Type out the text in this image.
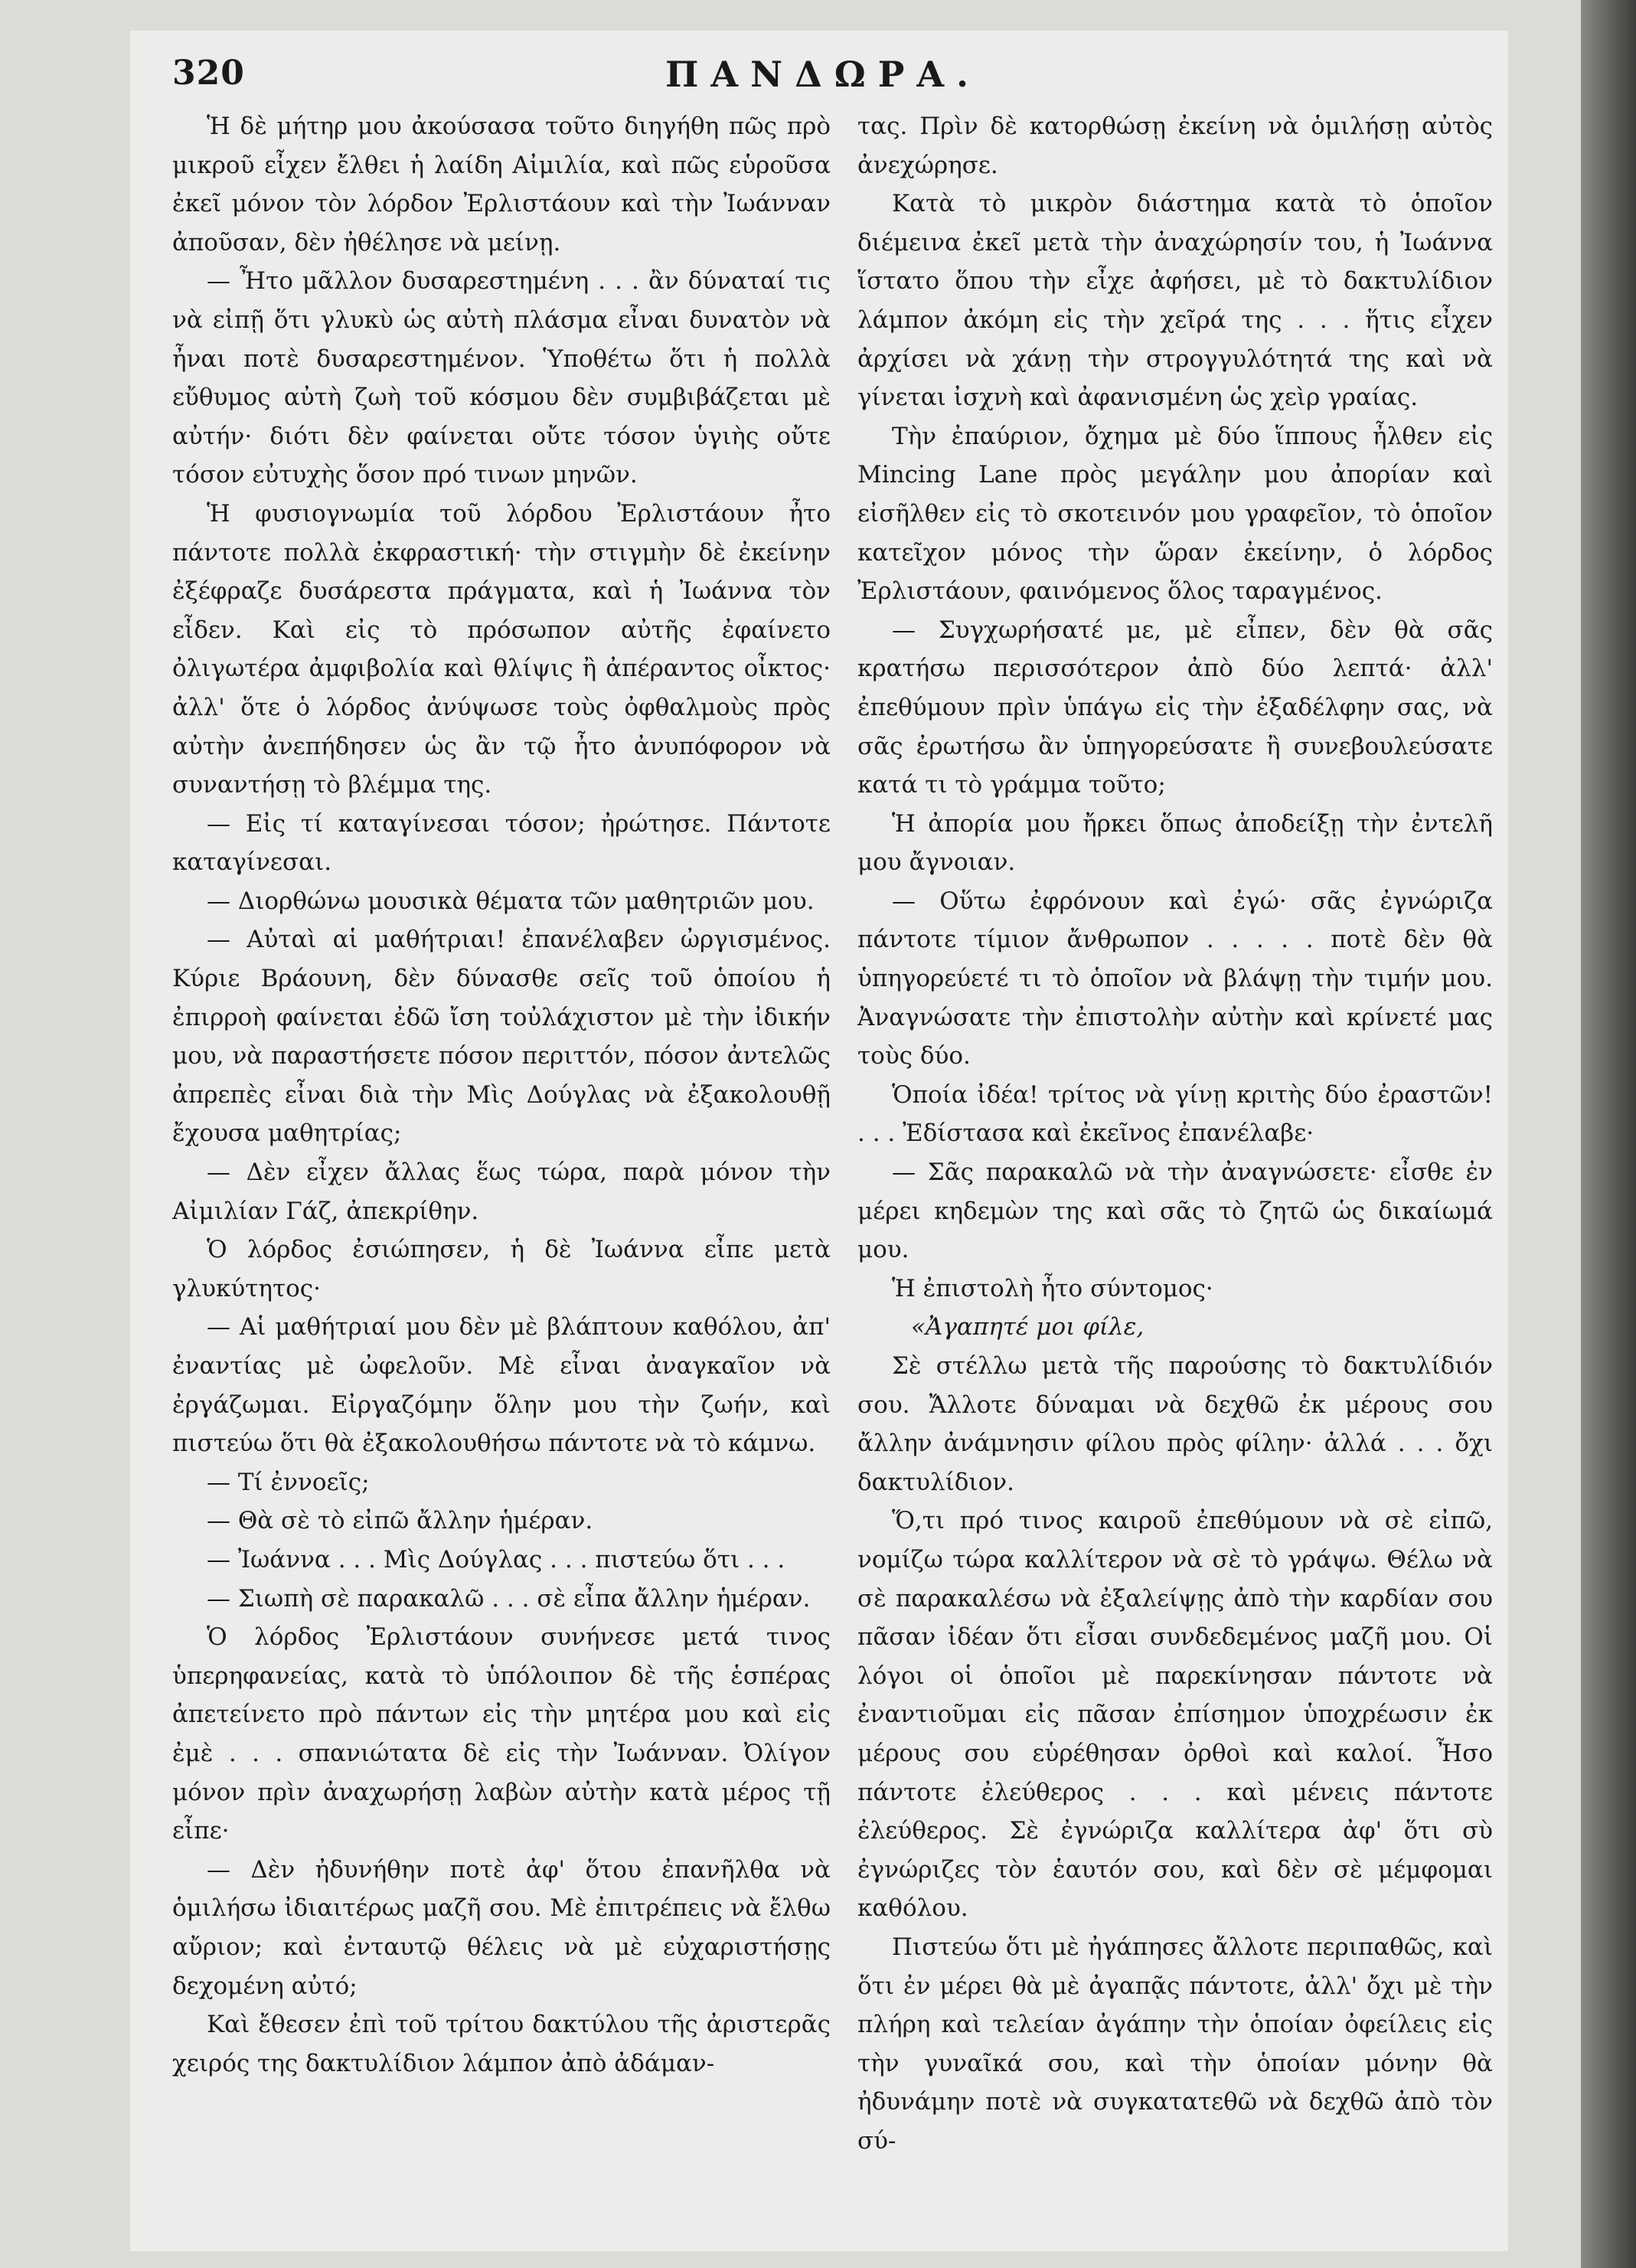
320	ΠΑΝΔΩΡΑ.

Ἡ δὲ μήτηρ μου ἀκούσασα τοῦτο διηγήθη πῶς πρὸ μικροῦ εἶχεν ἔλθει ἡ λαίδη Αἰμιλία, καὶ πῶς εὑροῦσα ἐκεῖ μόνον τὸν λόρδον Ἐρλιστάουν καὶ τὴν Ἰωάνναν ἀποῦσαν, δὲν ἠθέλησε νὰ μείνῃ.

— Ἦτο μᾶλλον δυσαρεστημένη . . . ἂν δύναταί τις νὰ εἰπῇ ὅτι γλυκὺ ὡς αὐτὴ πλάσμα εἶναι δυνατὸν νὰ ἦναι ποτὲ δυσαρεστημένον. Ὑποθέτω ὅτι ἡ πολλὰ εὔθυμος αὐτὴ ζωὴ τοῦ κόσμου δὲν συμβιβάζεται μὲ αὐτήν· διότι δὲν φαίνεται οὔτε τόσον ὑγιὴς οὔτε τόσον εὐτυχὴς ὅσον πρό τινων μηνῶν.

Ἡ φυσιογνωμία τοῦ λόρδου Ἐρλιστάουν ἦτο πάντοτε πολλὰ ἐκφραστική· τὴν στιγμὴν δὲ ἐκείνην ἐξέφραζε δυσάρεστα πράγματα, καὶ ἡ Ἰωάννα τὸν εἶδεν. Καὶ εἰς τὸ πρόσωπον αὐτῆς ἐφαίνετο ὀλιγωτέρα ἀμφιβολία καὶ θλίψις ἢ ἀπέραντος οἶκτος· ἀλλ' ὅτε ὁ λόρδος ἀνύψωσε τοὺς ὀφθαλμοὺς πρὸς αὐτὴν ἀνεπήδησεν ὡς ἂν τῷ ἦτο ἀνυπόφορον νὰ συναντήσῃ τὸ βλέμμα της.

— Εἰς τί καταγίνεσαι τόσον; ἠρώτησε. Πάντοτε καταγίνεσαι.

— Διορθώνω μουσικὰ θέματα τῶν μαθητριῶν μου.

— Αὐταὶ αἱ μαθήτριαι! ἐπανέλαβεν ὠργισμένος. Κύριε Βράουνη, δὲν δύνασθε σεῖς τοῦ ὁποίου ἡ ἐπιρροὴ φαίνεται ἐδῶ ἴση τοὐλάχιστον μὲ τὴν ἰδικήν μου, νὰ παραστήσετε πόσον περιττόν, πόσον ἀντελῶς ἀπρεπὲς εἶναι διὰ τὴν Μὶς Δούγλας νὰ ἐξακολουθῇ ἔχουσα μαθητρίας;

— Δὲν εἶχεν ἄλλας ἕως τώρα, παρὰ μόνον τὴν Αἰμιλίαν Γάζ, ἀπεκρίθην.

Ὁ λόρδος ἐσιώπησεν, ἡ δὲ Ἰωάννα εἶπε μετὰ γλυκύτητος·

— Αἱ μαθήτριαί μου δὲν μὲ βλάπτουν καθόλου, ἀπ' ἐναντίας μὲ ὠφελοῦν. Μὲ εἶναι ἀναγκαῖον νὰ ἐργάζωμαι. Εἰργαζόμην ὅλην μου τὴν ζωήν, καὶ πιστεύω ὅτι θὰ ἐξακολουθήσω πάντοτε νὰ τὸ κάμνω.

— Τί ἐννοεῖς;

— Θὰ σὲ τὸ εἰπῶ ἄλλην ἡμέραν.

— Ἰωάννα . . . Μὶς Δούγλας . . . πιστεύω ὅτι . . .

— Σιωπὴ σὲ παρακαλῶ . . . σὲ εἶπα ἄλλην ἡμέραν.

Ὁ λόρδος Ἐρλιστάουν συνήνεσε μετά τινος ὑπερηφανείας, κατὰ τὸ ὑπόλοιπον δὲ τῆς ἑσπέρας ἀπετείνετο πρὸ πάντων εἰς τὴν μητέρα μου καὶ εἰς ἐμὲ . . . σπανιώτατα δὲ εἰς τὴν Ἰωάνναν. Ὀλίγον μόνον πρὶν ἀναχωρήσῃ λαβὼν αὐτὴν κατὰ μέρος τῇ εἶπε·

— Δὲν ἠδυνήθην ποτὲ ἀφ' ὅτου ἐπανῆλθα νὰ ὁμιλήσω ἰδιαιτέρως μαζῆ σου. Μὲ ἐπιτρέπεις νὰ ἔλθω αὔριον; καὶ ἐνταυτῷ θέλεις νὰ μὲ εὐχαριστήσῃς δεχομένη αὐτό;

Καὶ ἔθεσεν ἐπὶ τοῦ τρίτου δακτύλου τῆς ἀριστερᾶς χειρός της δακτυλίδιον λάμπον ἀπὸ ἀδάμαν-

τας. Πρὶν δὲ κατορθώσῃ ἐκείνη νὰ ὁμιλήσῃ αὐτὸς ἀνεχώρησε.

Κατὰ τὸ μικρὸν διάστημα κατὰ τὸ ὁποῖον διέμεινα ἐκεῖ μετὰ τὴν ἀναχώρησίν του, ἡ Ἰωάννα ἵστατο ὅπου τὴν εἶχε ἀφήσει, μὲ τὸ δακτυλίδιον λάμπον ἀκόμη εἰς τὴν χεῖρά της . . . ἥτις εἶχεν ἀρχίσει νὰ χάνῃ τὴν στρογγυλότητά της καὶ νὰ γίνεται ἰσχνὴ καὶ ἀφανισμένη ὡς χεὶρ γραίας.

Τὴν ἐπαύριον, ὄχημα μὲ δύο ἵππους ἦλθεν εἰς Mincing Lane πρὸς μεγάλην μου ἀπορίαν καὶ εἰσῆλθεν εἰς τὸ σκοτεινόν μου γραφεῖον, τὸ ὁποῖον κατεῖχον μόνος τὴν ὥραν ἐκείνην, ὁ λόρδος Ἐρλιστάουν, φαινόμενος ὅλος ταραγμένος.

— Συγχωρήσατέ με, μὲ εἶπεν, δὲν θὰ σᾶς κρατήσω περισσότερον ἀπὸ δύο λεπτά· ἀλλ' ἐπεθύμουν πρὶν ὑπάγω εἰς τὴν ἐξαδέλφην σας, νὰ σᾶς ἐρωτήσω ἂν ὑπηγορεύσατε ἢ συνεβουλεύσατε κατά τι τὸ γράμμα τοῦτο;

Ἡ ἀπορία μου ἤρκει ὅπως ἀποδείξῃ τὴν ἐντελῆ μου ἄγνοιαν.

— Οὕτω ἐφρόνουν καὶ ἐγώ· σᾶς ἐγνώριζα πάντοτε τίμιον ἄνθρωπον . . . . . ποτὲ δὲν θὰ ὑπηγορεύετέ τι τὸ ὁποῖον νὰ βλάψῃ τὴν τιμήν μου. Ἀναγνώσατε τὴν ἐπιστολὴν αὐτὴν καὶ κρίνετέ μας τοὺς δύο.

Ὁποία ἰδέα! τρίτος νὰ γίνῃ κριτὴς δύο ἐραστῶν! . . . Ἐδίστασα καὶ ἐκεῖνος ἐπανέλαβε·

— Σᾶς παρακαλῶ νὰ τὴν ἀναγνώσετε· εἶσθε ἐν μέρει κηδεμὼν της καὶ σᾶς τὸ ζητῶ ὡς δικαίωμά μου.

Ἡ ἐπιστολὴ ἦτο σύντομος·

«Ἀγαπητέ μοι φίλε,

Σὲ στέλλω μετὰ τῆς παρούσης τὸ δακτυλίδιόν σου. Ἄλλοτε δύναμαι νὰ δεχθῶ ἐκ μέρους σου ἄλλην ἀνάμνησιν φίλου πρὸς φίλην· ἀλλά . . . ὄχι δακτυλίδιον.

Ὅ,τι πρό τινος καιροῦ ἐπεθύμουν νὰ σὲ εἰπῶ, νομίζω τώρα καλλίτερον νὰ σὲ τὸ γράψω. Θέλω νὰ σὲ παρακαλέσω νὰ ἐξαλείψῃς ἀπὸ τὴν καρδίαν σου πᾶσαν ἰδέαν ὅτι εἶσαι συνδεδεμένος μαζῆ μου. Οἱ λόγοι οἱ ὁποῖοι μὲ παρεκίνησαν πάντοτε νὰ ἐναντιοῦμαι εἰς πᾶσαν ἐπίσημον ὑποχρέωσιν ἐκ μέρους σου εὑρέθησαν ὀρθοὶ καὶ καλοί. Ἦσο πάντοτε ἐλεύθερος . . . καὶ μένεις πάντοτε ἐλεύθερος. Σὲ ἐγνώριζα καλλίτερα ἀφ' ὅτι σὺ ἐγνώριζες τὸν ἑαυτόν σου, καὶ δὲν σὲ μέμφομαι καθόλου.

Πιστεύω ὅτι μὲ ἠγάπησες ἄλλοτε περιπαθῶς, καὶ ὅτι ἐν μέρει θὰ μὲ ἀγαπᾷς πάντοτε, ἀλλ' ὄχι μὲ τὴν πλήρη καὶ τελείαν ἀγάπην τὴν ὁποίαν ὀφείλεις εἰς τὴν γυναῖκά σου, καὶ τὴν ὁποίαν μόνην θὰ ἠδυνάμην ποτὲ νὰ συγκατατεθῶ νὰ δεχθῶ ἀπὸ τὸν σύ-
